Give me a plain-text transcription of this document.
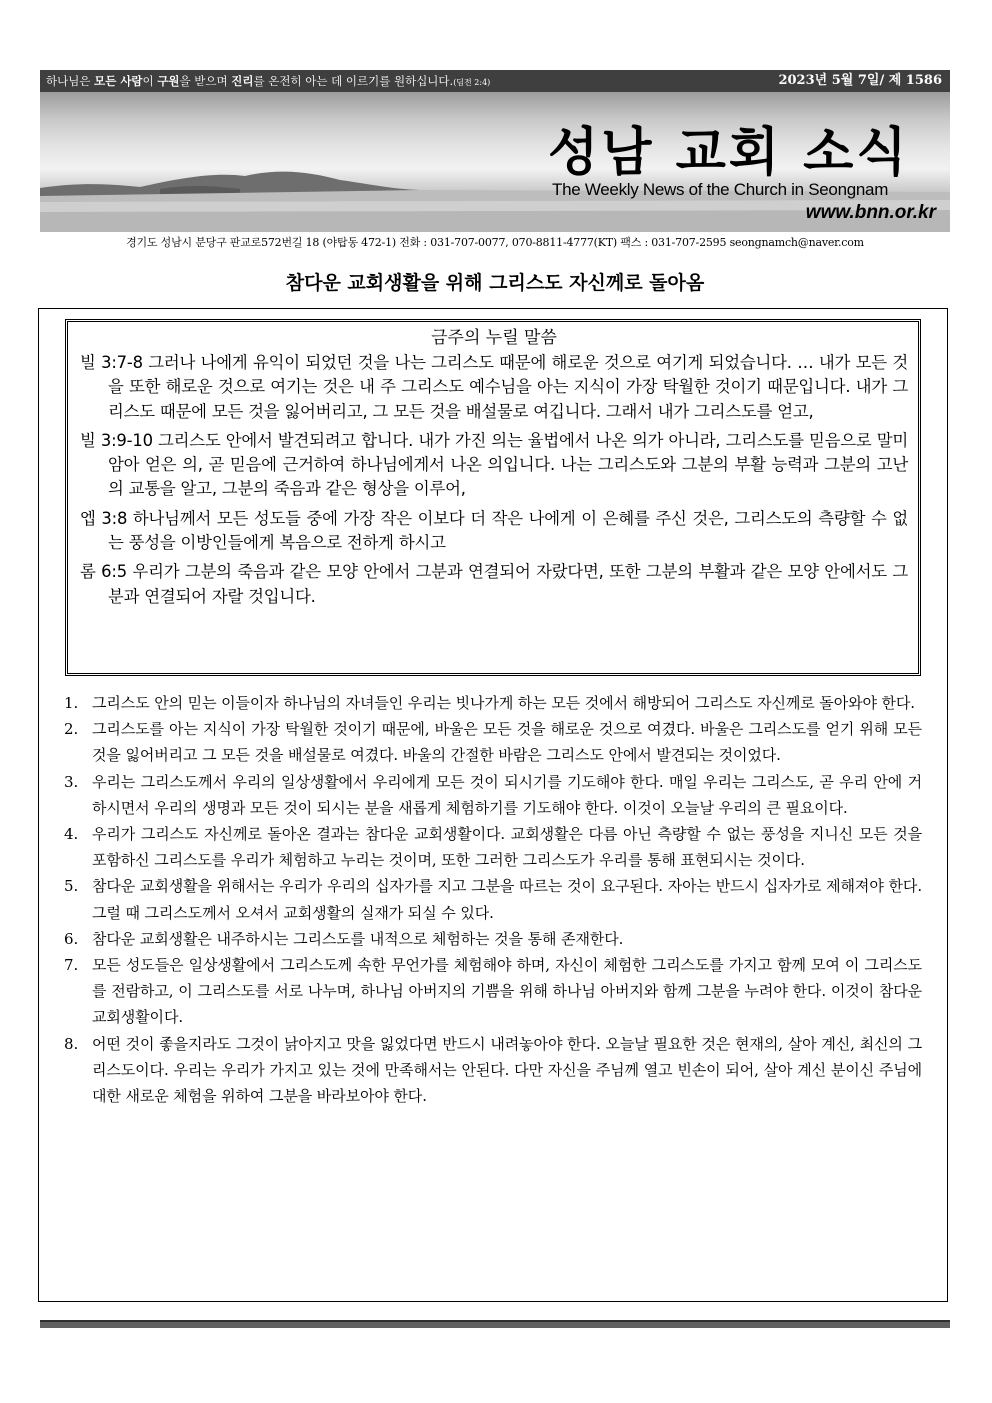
하나님은 모든 사람이 구원을 받으며 진리를 온전히 아는 데 이르기를 원하십니다.(딤전 2:4)	2023년 5월 7일/ 제 1586
성남 교회 소식
The Weekly News of the Church in Seongnam
www.bnn.or.kr
경기도 성남시 분당구 판교로572번길 18 (야탑동 472-1) 전화 : 031-707-0077, 070-8811-4777(KT) 팩스 : 031-707-2595 seongnamch@naver.com
참다운 교회생활을 위해 그리스도 자신께로 돌아옴
금주의 누릴 말씀
빌 3:7-8 그러나 나에게 유익이 되었던 것을 나는 그리스도 때문에 해로운 것으로 여기게 되었습니다. … 내가 모든 것을 또한 해로운 것으로 여기는 것은 내 주 그리스도 예수님을 아는 지식이 가장 탁월한 것이기 때문입니다. 내가 그리스도 때문에 모든 것을 잃어버리고, 그 모든 것을 배설물로 여깁니다. 그래서 내가 그리스도를 얻고,
빌 3:9-10 그리스도 안에서 발견되려고 합니다. 내가 가진 의는 율법에서 나온 의가 아니라, 그리스도를 믿음으로 말미암아 얻은 의, 곧 믿음에 근거하여 하나님에게서 나온 의입니다. 나는 그리스도와 그분의 부활 능력과 그분의 고난의 교통을 알고, 그분의 죽음과 같은 형상을 이루어,
엡 3:8 하나님께서 모든 성도들 중에 가장 작은 이보다 더 작은 나에게 이 은혜를 주신 것은, 그리스도의 측량할 수 없는 풍성을 이방인들에게 복음으로 전하게 하시고
롬 6:5 우리가 그분의 죽음과 같은 모양 안에서 그분과 연결되어 자랐다면, 또한 그분의 부활과 같은 모양 안에서도 그분과 연결되어 자랄 것입니다.
1. 그리스도 안의 믿는 이들이자 하나님의 자녀들인 우리는 빗나가게 하는 모든 것에서 해방되어 그리스도 자신께로 돌아와야 한다.
2. 그리스도를 아는 지식이 가장 탁월한 것이기 때문에, 바울은 모든 것을 해로운 것으로 여겼다. 바울은 그리스도를 얻기 위해 모든 것을 잃어버리고 그 모든 것을 배설물로 여겼다. 바울의 간절한 바람은 그리스도 안에서 발견되는 것이었다.
3. 우리는 그리스도께서 우리의 일상생활에서 우리에게 모든 것이 되시기를 기도해야 한다. 매일 우리는 그리스도, 곧 우리 안에 거하시면서 우리의 생명과 모든 것이 되시는 분을 새롭게 체험하기를 기도해야 한다. 이것이 오늘날 우리의 큰 필요이다.
4. 우리가 그리스도 자신께로 돌아온 결과는 참다운 교회생활이다. 교회생활은 다름 아닌 측량할 수 없는 풍성을 지니신 모든 것을 포함하신 그리스도를 우리가 체험하고 누리는 것이며, 또한 그러한 그리스도가 우리를 통해 표현되시는 것이다.
5. 참다운 교회생활을 위해서는 우리가 우리의 십자가를 지고 그분을 따르는 것이 요구된다. 자아는 반드시 십자가로 제해져야 한다. 그럴 때 그리스도께서 오셔서 교회생활의 실재가 되실 수 있다.
6. 참다운 교회생활은 내주하시는 그리스도를 내적으로 체험하는 것을 통해 존재한다.
7. 모든 성도들은 일상생활에서 그리스도께 속한 무언가를 체험해야 하며, 자신이 체험한 그리스도를 가지고 함께 모여 이 그리스도를 전람하고, 이 그리스도를 서로 나누며, 하나님 아버지의 기쁨을 위해 하나님 아버지와 함께 그분을 누려야 한다. 이것이 참다운 교회생활이다.
8. 어떤 것이 좋을지라도 그것이 낡아지고 맛을 잃었다면 반드시 내려놓아야 한다. 오늘날 필요한 것은 현재의, 살아 계신, 최신의 그리스도이다. 우리는 우리가 가지고 있는 것에 만족해서는 안된다. 다만 자신을 주님께 열고 빈손이 되어, 살아 계신 분이신 주님에 대한 새로운 체험을 위하여 그분을 바라보아야 한다.
